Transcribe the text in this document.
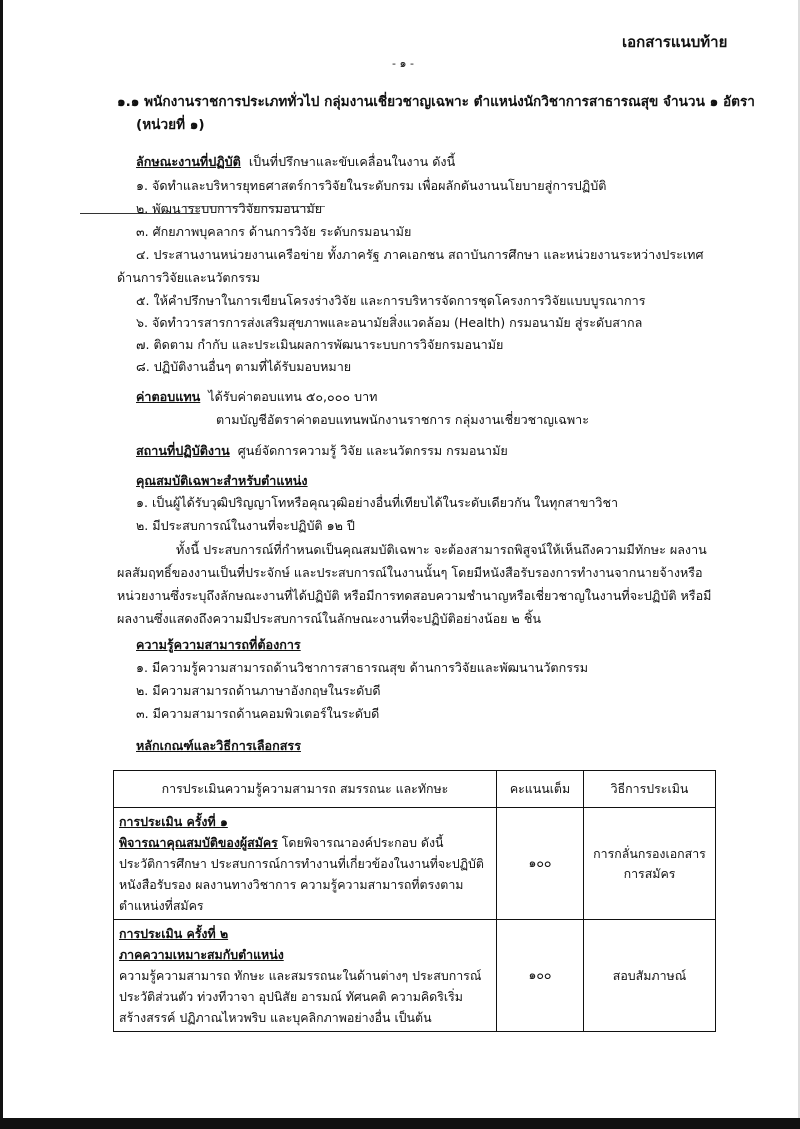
เอกสารแนบท้าย
- ๑ -
๑.๑ พนักงานราชการประเภททั่วไป กลุ่มงานเชี่ยวชาญเฉพาะ ตำแหน่งนักวิชาการสาธารณสุข จำนวน ๑ อัตรา
(หน่วยที่ ๑)
ลักษณะงานที่ปฏิบัติ เป็นที่ปรึกษาและขับเคลื่อนในงาน ดังนี้
๑. จัดทำและบริหารยุทธศาสตร์การวิจัยในระดับกรม เพื่อผลักดันงานนโยบายสู่การปฏิบัติ
๒. พัฒนาระบบการวิจัยกรมอนามัย
๓. ศักยภาพบุคลากร ด้านการวิจัย ระดับกรมอนามัย
๔. ประสานงานหน่วยงานเครือข่าย ทั้งภาครัฐ ภาคเอกชน สถาบันการศึกษา และหน่วยงานระหว่างประเทศ
ด้านการวิจัยและนวัตกรรม
๕. ให้คำปรึกษาในการเขียนโครงร่างวิจัย และการบริหารจัดการชุดโครงการวิจัยแบบบูรณาการ
๖. จัดทำวารสารการส่งเสริมสุขภาพและอนามัยสิ่งแวดล้อม (Health) กรมอนามัย สู่ระดับสากล
๗. ติดตาม กำกับ และประเมินผลการพัฒนาระบบการวิจัยกรมอนามัย
๘. ปฏิบัติงานอื่นๆ ตามที่ได้รับมอบหมาย
ค่าตอบแทน ได้รับค่าตอบแทน ๕๐,๐๐๐ บาท
ตามบัญชีอัตราค่าตอบแทนพนักงานราชการ กลุ่มงานเชี่ยวชาญเฉพาะ
สถานที่ปฏิบัติงาน ศูนย์จัดการความรู้ วิจัย และนวัตกรรม กรมอนามัย
คุณสมบัติเฉพาะสำหรับตำแหน่ง
๑. เป็นผู้ได้รับวุฒิปริญญาโทหรือคุณวุฒิอย่างอื่นที่เทียบได้ในระดับเดียวกัน ในทุกสาขาวิชา
๒. มีประสบการณ์ในงานที่จะปฏิบัติ ๑๒ ปี
ทั้งนี้ ประสบการณ์ที่กำหนดเป็นคุณสมบัติเฉพาะ จะต้องสามารถพิสูจน์ให้เห็นถึงความมีทักษะ ผลงาน
ผลสัมฤทธิ์ของงานเป็นที่ประจักษ์ และประสบการณ์ในงานนั้นๆ โดยมีหนังสือรับรองการทำงานจากนายจ้างหรือ
หน่วยงานซึ่งระบุถึงลักษณะงานที่ได้ปฏิบัติ หรือมีการทดสอบความชำนาญหรือเชี่ยวชาญในงานที่จะปฏิบัติ หรือมี
ผลงานซึ่งแสดงถึงความมีประสบการณ์ในลักษณะงานที่จะปฏิบัติอย่างน้อย ๒ ชิ้น
ความรู้ความสามารถที่ต้องการ
๑. มีความรู้ความสามารถด้านวิชาการสาธารณสุข ด้านการวิจัยและพัฒนานวัตกรรม
๒. มีความสามารถด้านภาษาอังกฤษในระดับดี
๓. มีความสามารถด้านคอมพิวเตอร์ในระดับดี
หลักเกณฑ์และวิธีการเลือกสรร
การประเมินความรู้ความสามารถ สมรรถนะ และทักษะ	คะแนนเต็ม	วิธีการประเมิน

การประเมิน ครั้งที่ ๑
พิจารณาคุณสมบัติของผู้สมัคร โดยพิจารณาองค์ประกอบ ดังนี้
ประวัติการศึกษา ประสบการณ์การทำงานที่เกี่ยวข้องในงานที่จะปฏิบัติ
หนังสือรับรอง ผลงานทางวิชาการ ความรู้ความสามารถที่ตรงตาม
ตำแหน่งที่สมัคร	๑๐๐	การกลั่นกรองเอกสาร
การสมัคร

การประเมิน ครั้งที่ ๒
ภาคความเหมาะสมกับตำแหน่ง
ความรู้ความสามารถ ทักษะ และสมรรถนะในด้านต่างๆ ประสบการณ์
ประวัติส่วนตัว ท่วงทีวาจา อุปนิสัย อารมณ์ ทัศนคติ ความคิดริเริ่ม
สร้างสรรค์ ปฏิภาณไหวพริบ และบุคลิกภาพอย่างอื่น เป็นต้น	๑๐๐	สอบสัมภาษณ์
